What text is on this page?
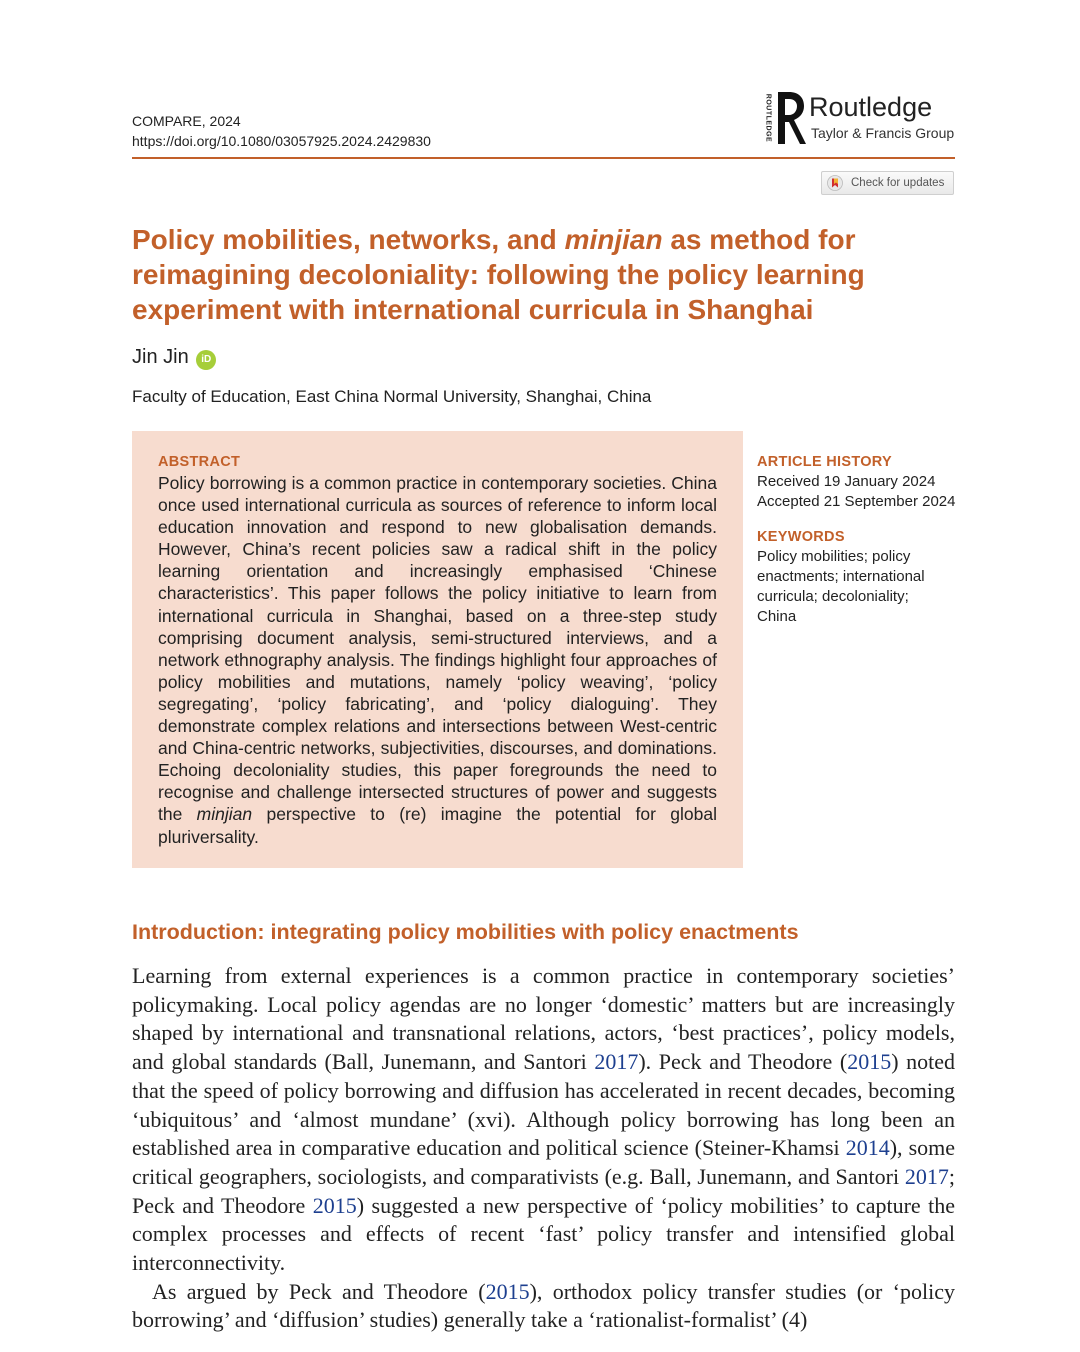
COMPARE, 2024
https://doi.org/10.1080/03057925.2024.2429830	ROUTLEDGE Routledge
Taylor & Francis Group
Check for updates
Policy mobilities, networks, and minjian as method for reimagining decoloniality: following the policy learning experiment with international curricula in Shanghai
Jin Jin iD
Faculty of Education, East China Normal University, Shanghai, China
ABSTRACT
Policy borrowing is a common practice in contemporary societies. China once used international curricula as sources of reference to inform local education innovation and respond to new globalisation demands. However, China’s recent policies saw a radical shift in the policy learning orientation and increasingly emphasised ‘Chinese characteristics’. This paper follows the policy initiative to learn from international curricula in Shanghai, based on a three-step study comprising document analysis, semi-structured interviews, and a network ethnography analysis. The findings highlight four approaches of policy mobilities and mutations, namely ‘policy weaving’, ‘policy segregating’, ‘policy fabricating’, and ‘policy dialoguing’. They demonstrate complex relations and intersections between West-centric and China-centric networks, subjectivities, discourses, and dominations. Echoing decoloniality studies, this paper foregrounds the need to recognise and challenge intersected structures of power and suggests the minjian perspective to (re) imagine the potential for global pluriversality.
ARTICLE HISTORY
Received 19 January 2024
Accepted 21 September 2024
KEYWORDS
Policy mobilities; policy enactments; international curricula; decoloniality; China
Introduction: integrating policy mobilities with policy enactments

Learning from external experiences is a common practice in contemporary societies’ policymaking. Local policy agendas are no longer ‘domestic’ matters but are increasingly shaped by international and transnational relations, actors, ‘best practices’, policy models, and global standards (Ball, Junemann, and Santori 2017). Peck and Theodore (2015) noted that the speed of policy borrowing and diffusion has accelerated in recent decades, becoming ‘ubiquitous’ and ‘almost mundane’ (xvi). Although policy borrowing has long been an established area in comparative education and political science (Steiner-Khamsi 2014), some critical geographers, sociologists, and comparativists (e.g. Ball, Junemann, and Santori 2017; Peck and Theodore 2015) suggested a new perspective of ‘policy mobilities’ to capture the complex processes and effects of recent ‘fast’ policy transfer and intensified global interconnectivity.

As argued by Peck and Theodore (2015), orthodox policy transfer studies (or ‘policy borrowing’ and ‘diffusion’ studies) generally take a ‘rationalist-formalist’ (4)
